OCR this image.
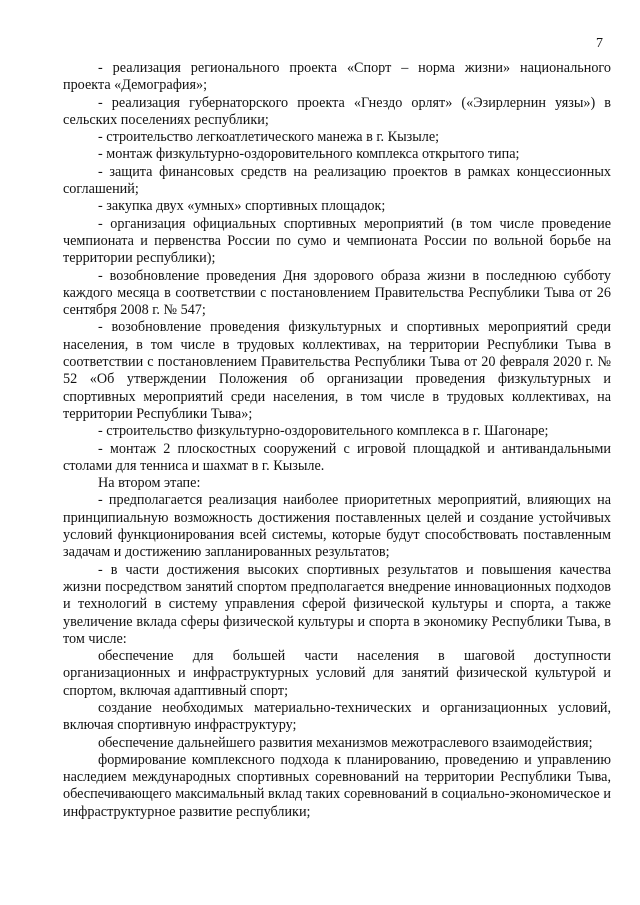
7

- реализация регионального проекта «Спорт – норма жизни» национального проекта «Демография»;

- реализация губернаторского проекта «Гнездо орлят» («Эзирлернин уязы») в сельских поселениях республики;

- строительство легкоатлетического манежа в г. Кызыле;

- монтаж физкультурно-оздоровительного комплекса открытого типа;

- защита финансовых средств на реализацию проектов в рамках концессионных соглашений;

- закупка двух «умных» спортивных площадок;

- организация официальных спортивных мероприятий (в том числе проведение чемпионата и первенства России по сумо и чемпионата России по вольной борьбе на территории республики);

- возобновление проведения Дня здорового образа жизни в последнюю субботу каждого месяца в соответствии с постановлением Правительства Республики Тыва от 26 сентября 2008 г. № 547;

- возобновление проведения физкультурных и спортивных мероприятий среди населения, в том числе в трудовых коллективах, на территории Республики Тыва в соответствии с постановлением Правительства Республики Тыва от 20 февраля 2020 г. № 52 «Об утверждении Положения об организации проведения физкультурных и спортивных мероприятий среди населения, в том числе в трудовых коллективах, на территории Республики Тыва»;

- строительство физкультурно-оздоровительного комплекса в г. Шагонаре;

- монтаж 2 плоскостных сооружений с игровой площадкой и антивандальными столами для тенниса и шахмат в г. Кызыле.

На втором этапе:

- предполагается реализация наиболее приоритетных мероприятий, влияющих на принципиальную возможность достижения поставленных целей и создание устойчивых условий функционирования всей системы, которые будут способствовать поставленным задачам и достижению запланированных результатов;

- в части достижения высоких спортивных результатов и повышения качества жизни посредством занятий спортом предполагается внедрение инновационных подходов и технологий в систему управления сферой физической культуры и спорта, а также увеличение вклада сферы физической культуры и спорта в экономику Республики Тыва, в том числе:

обеспечение для большей части населения в шаговой доступности организационных и инфраструктурных условий для занятий физической культурой и спортом, включая адаптивный спорт;

создание необходимых материально-технических и организационных условий, включая спортивную инфраструктуру;

обеспечение дальнейшего развития механизмов межотраслевого взаимодействия;

формирование комплексного подхода к планированию, проведению и управлению наследием международных спортивных соревнований на территории Республики Тыва, обеспечивающего максимальный вклад таких соревнований в социально-экономическое и инфраструктурное развитие республики;
